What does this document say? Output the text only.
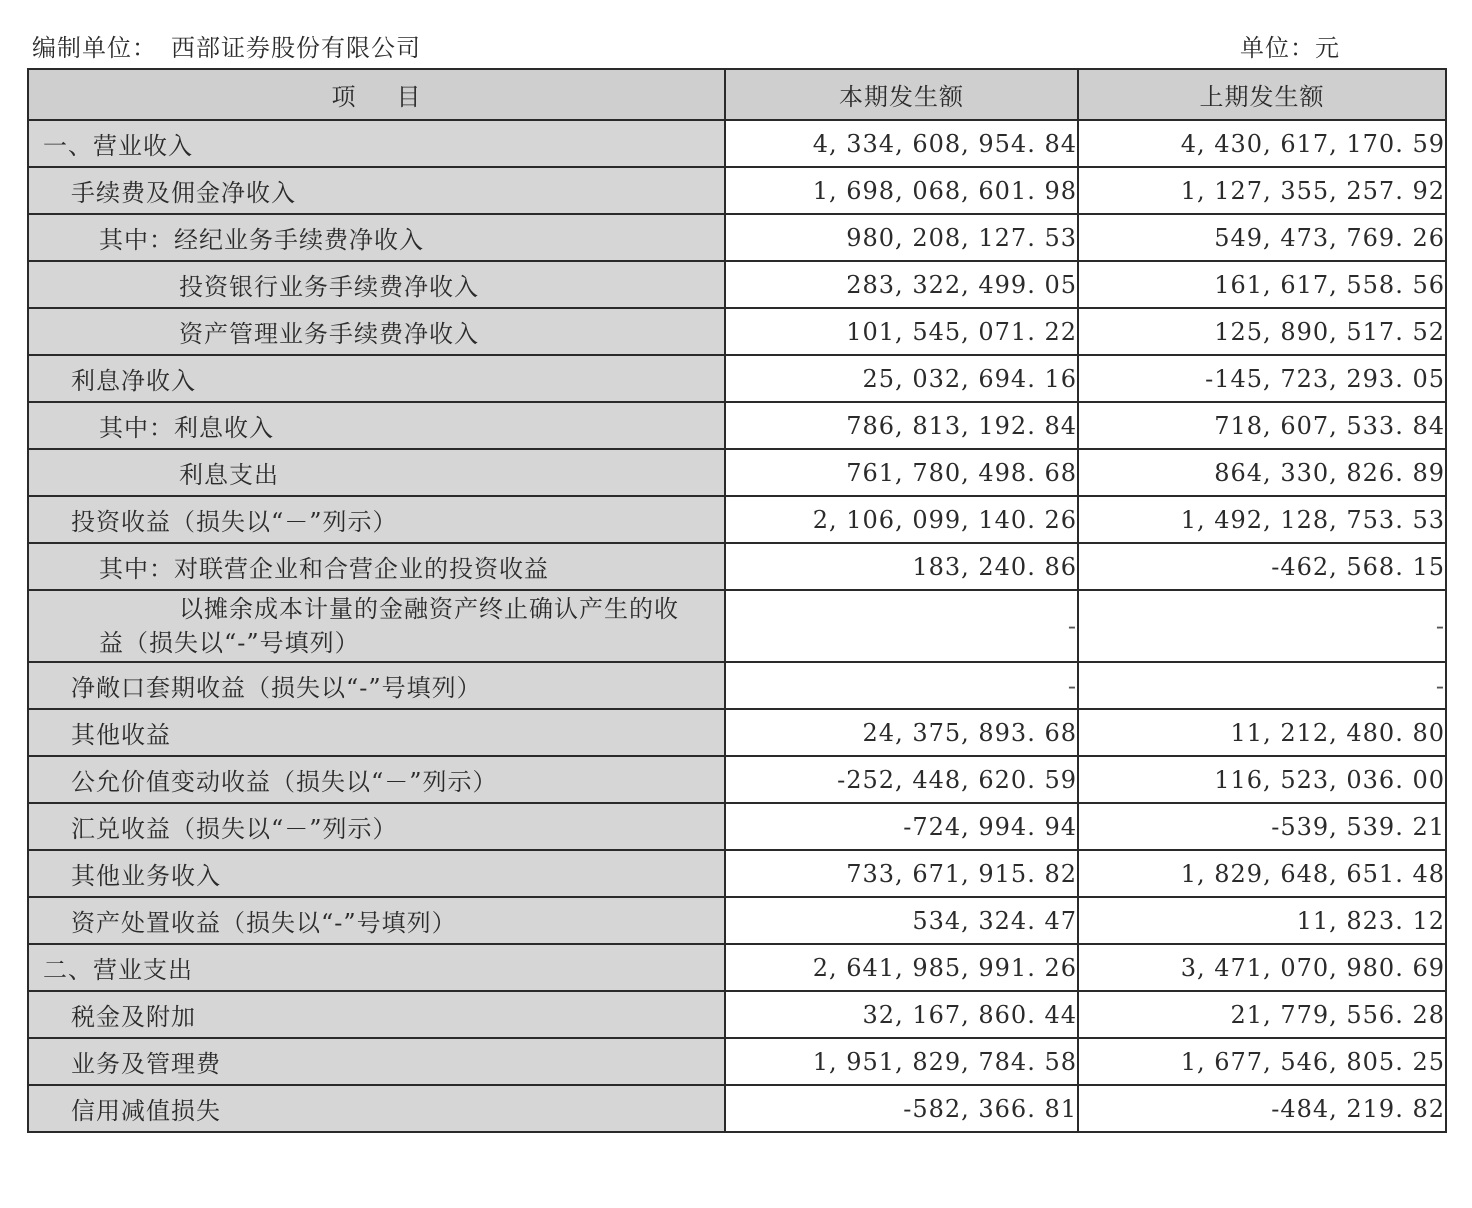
编制单位： 西部证券股份有限公司	单位：元
项 目	本期发生额	上期发生额
一、营业收入	4, 334, 608, 954. 84	4, 430, 617, 170. 59
手续费及佣金净收入	1, 698, 068, 601. 98	1, 127, 355, 257. 92
其中：经纪业务手续费净收入	980, 208, 127. 53	549, 473, 769. 26
投资银行业务手续费净收入	283, 322, 499. 05	161, 617, 558. 56
资产管理业务手续费净收入	101, 545, 071. 22	125, 890, 517. 52
利息净收入	25, 032, 694. 16	-145, 723, 293. 05
其中：利息收入	786, 813, 192. 84	718, 607, 533. 84
利息支出	761, 780, 498. 68	864, 330, 826. 89
投资收益（损失以“－”列示）	2, 106, 099, 140. 26	1, 492, 128, 753. 53
其中：对联营企业和合营企业的投资收益	183, 240. 86	-462, 568. 15

以摊余成本计量的金融资产终止确认产生的收
益（损失以“-”号填列）	-	-
净敞口套期收益（损失以“-”号填列）	-	-
其他收益	24, 375, 893. 68	11, 212, 480. 80
公允价值变动收益（损失以“－”列示）	-252, 448, 620. 59	116, 523, 036. 00
汇兑收益（损失以“－”列示）	-724, 994. 94	-539, 539. 21
其他业务收入	733, 671, 915. 82	1, 829, 648, 651. 48
资产处置收益（损失以“-”号填列）	534, 324. 47	11, 823. 12
二、营业支出	2, 641, 985, 991. 26	3, 471, 070, 980. 69
税金及附加	32, 167, 860. 44	21, 779, 556. 28
业务及管理费	1, 951, 829, 784. 58	1, 677, 546, 805. 25
信用减值损失	-582, 366. 81	-484, 219. 82
